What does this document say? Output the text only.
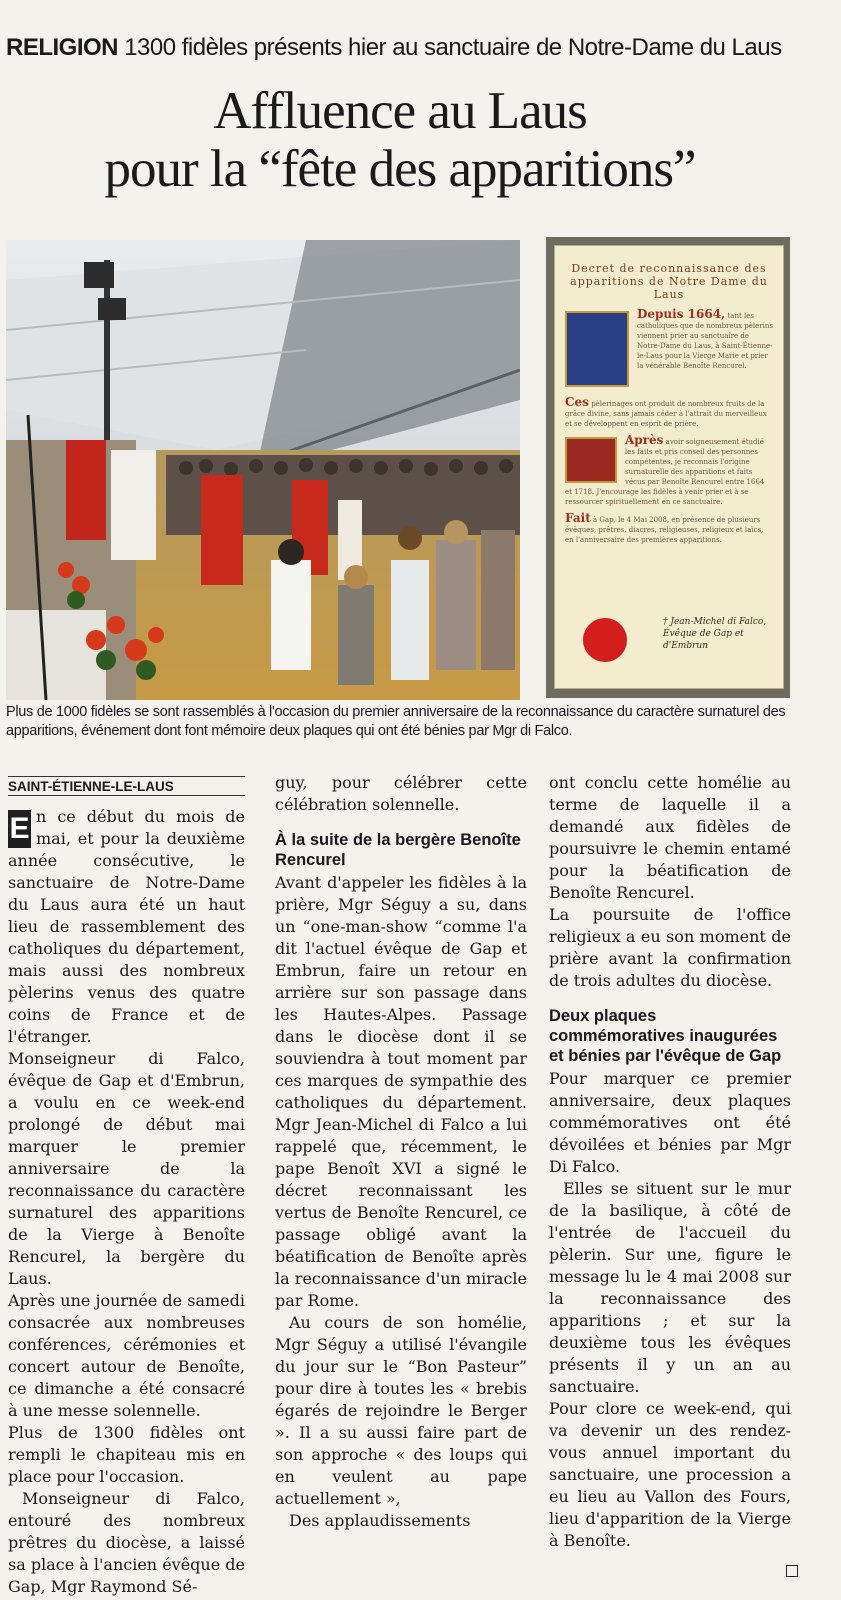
RELIGION 1300 fidèles présents hier au sanctuaire de Notre-Dame du Laus
Affluence au Laus
pour la “fête des apparitions”
Decret de reconnaissance des apparitions de Notre Dame du Laus
Depuis 1664, tant les catholiques que de nombreux pèlerins viennent prier au sanctuaire de Notre-Dame du Laus, à Saint-Étienne-le-Laus pour la Vierge Marie et prier la vénérable Benoîte Rencurel.
Ces pèlerinages ont produit de nombreux fruits de la grâce divine, sans jamais céder à l'attrait du merveilleux et se développent en esprit de prière.
Après avoir soigneusement étudié les faits et pris conseil des personnes compétentes, je reconnais l'origine surnaturelle des apparitions et faits vécus par Benoîte Rencurel entre 1664 et 1718. J'encourage les fidèles à venir prier et à se ressourcer spirituellement en ce sanctuaire.
Fait à Gap, le 4 Mai 2008, en présence de plusieurs évêques, prêtres, diacres, religieuses, religieux et laïcs, en l'anniversaire des premières apparitions.
† Jean-Michel di Falco, Évêque de Gap et d'Embrun
Plus de 1000 fidèles se sont rassemblés à l'occasion du premier anniversaire de la reconnaissance du caractère surnaturel des apparitions, événement dont font mémoire deux plaques qui ont été bénies par Mgr di Falco.
SAINT-ÉTIENNE-LE-LAUS

E n ce début du mois de mai, et pour la deuxième année consécutive, le sanctuaire de Notre-Dame du Laus aura été un haut lieu de rassemblement des catholiques du département, mais aussi des nombreux pèlerins venus des quatre coins de France et de l'étranger.

Monseigneur di Falco, évêque de Gap et d'Embrun, a voulu en ce week-end prolongé de début mai marquer le premier anniversaire de la reconnaissance du caractère surnaturel des apparitions de la Vierge à Benoîte Rencurel, la bergère du Laus.

Après une journée de samedi consacrée aux nombreuses conférences, cérémonies et concert autour de Benoîte, ce dimanche a été consacré à une messe solennelle.

Plus de 1300 fidèles ont rempli le chapiteau mis en place pour l'occasion.

Monseigneur di Falco, entouré des nombreux prêtres du diocèse, a laissé sa place à l'ancien évêque de Gap, Mgr Raymond Sé-

guy, pour célébrer cette célébration solennelle.

À la suite de la bergère Benoîte Rencurel

Avant d'appeler les fidèles à la prière, Mgr Séguy a su, dans un “one-man-show “comme l'a dit l'actuel évêque de Gap et Embrun, faire un retour en arrière sur son passage dans les Hautes-Alpes. Passage dans le diocèse dont il se souviendra à tout moment par ces marques de sympathie des catholiques du département. Mgr Jean-Michel di Falco a lui rappelé que, récemment, le pape Benoît XVI a signé le décret reconnaissant les vertus de Benoîte Rencurel, ce passage obligé avant la béatification de Benoîte après la reconnaissance d'un miracle par Rome.

Au cours de son homélie, Mgr Séguy a utilisé l'évangile du jour sur le “Bon Pasteur” pour dire à toutes les « brebis égarés de rejoindre le Berger ». Il a su aussi faire part de son approche « des loups qui en veulent au pape actuellement »,

Des applaudissements

ont conclu cette homélie au terme de laquelle il a demandé aux fidèles de poursuivre le chemin entamé pour la béatification de Benoîte Rencurel.

La poursuite de l'office religieux a eu son moment de prière avant la confirmation de trois adultes du diocèse.

Deux plaques commémoratives inaugurées et bénies par l'évêque de Gap

Pour marquer ce premier anniversaire, deux plaques commémoratives ont été dévoilées et bénies par Mgr Di Falco.

Elles se situent sur le mur de la basilique, à côté de l'entrée de l'accueil du pèlerin. Sur une, figure le message lu le 4 mai 2008 sur la reconnaissance des apparitions ; et sur la deuxième tous les évêques présents il y un an au sanctuaire.

Pour clore ce week-end, qui va devenir un des rendez-vous annuel important du sanctuaire, une procession a eu lieu au Vallon des Fours, lieu d'apparition de la Vierge à Benoîte.
